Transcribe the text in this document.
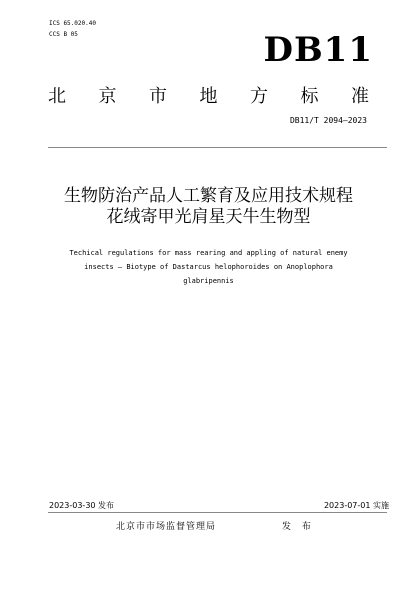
ICS 65.020.40
CCS B 05	DB11
北 京 市 地 方 标 准
DB11/T 2094—2023
生物防治产品人工繁育及应用技术规程
花绒寄甲光肩星天牛生物型
Techical regulations for mass rearing and appling of natural enemy
insects — Biotype of Dastarcus helophoroides on Anoplophora
glabripennis
2023-03-30 发布	2023-07-01 实施
北京市市场监督管理局	发 布
